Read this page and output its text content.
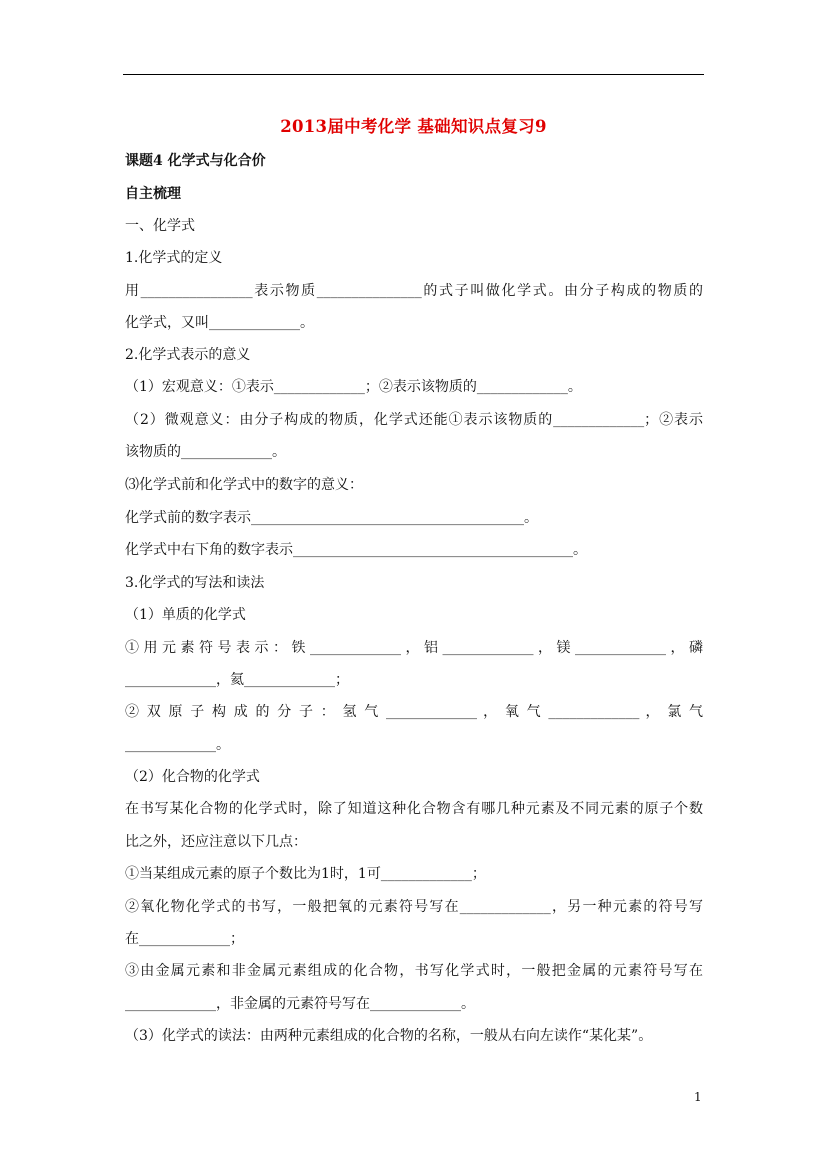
2013届中考化学 基础知识点复习9
课题4 化学式与化合价
自主梳理
一、化学式
1.化学式的定义
用________________表示物质_______________的式子叫做化学式。由分子构成的物质的
化学式，又叫_____________。
2.化学式表示的意义
（1）宏观意义：①表示_____________；②表示该物质的_____________。
（2）微观意义：由分子构成的物质，化学式还能①表示该物质的_____________；②表示
该物质的_____________。
⑶化学式前和化学式中的数字的意义：
化学式前的数字表示_______________________________________。
化学式中右下角的数字表示________________________________________。
3.化学式的写法和读法
（1）单质的化学式
①用元素符号表示：铁_____________，铝_____________，镁_____________，磷
_____________，氦_____________；
② 双 原 子 构 成 的 分 子 ： 氢 气 _____________ ， 氧 气 _____________ ， 氯 气
_____________。
（2）化合物的化学式
在书写某化合物的化学式时，除了知道这种化合物含有哪几种元素及不同元素的原子个数
比之外，还应注意以下几点：
①当某组成元素的原子个数比为1时，1可_____________；
②氧化物化学式的书写，一般把氧的元素符号写在_____________，另一种元素的符号写
在_____________；
③由金属元素和非金属元素组成的化合物，书写化学式时，一般把金属的元素符号写在
_____________，非金属的元素符号写在_____________。
（3）化学式的读法：由两种元素组成的化合物的名称，一般从右向左读作“某化某”。
1
